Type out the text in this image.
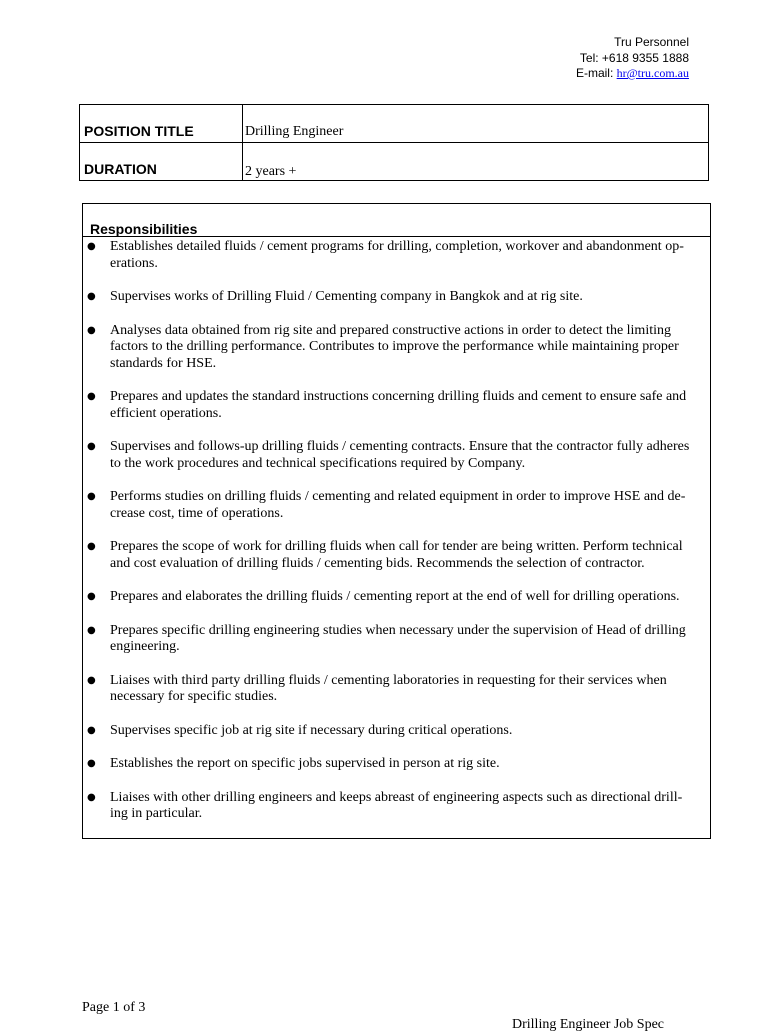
Tru Personnel
Tel: +618 9355 1888
E-mail: hr@tru.com.au
POSITION TITLE	Drilling Engineer
DURATION	2 years +
Responsibilities
● Establishes detailed fluids / cement programs for drilling, completion, workover and abandonment op-erations.
● Supervises works of Drilling Fluid / Cementing company in Bangkok and at rig site.
● Analyses data obtained from rig site and prepared constructive actions in order to detect the limiting factors to the drilling performance. Contributes to improve the performance while maintaining proper standards for HSE.
● Prepares and updates the standard instructions concerning drilling fluids and cement to ensure safe and efficient operations.
● Supervises and follows-up drilling fluids / cementing contracts. Ensure that the contractor fully adheres to the work procedures and technical specifications required by Company.
● Performs studies on drilling fluids / cementing and related equipment in order to improve HSE and de-crease cost, time of operations.
● Prepares the scope of work for drilling fluids when call for tender are being written. Perform technical and cost evaluation of drilling fluids / cementing bids. Recommends the selection of contractor.
● Prepares and elaborates the drilling fluids / cementing report at the end of well for drilling operations.
● Prepares specific drilling engineering studies when necessary under the supervision of Head of drilling engineering.
● Liaises with third party drilling fluids / cementing laboratories in requesting for their services when necessary for specific studies.
● Supervises specific job at rig site if necessary during critical operations.
● Establishes the report on specific jobs supervised in person at rig site.
● Liaises with other drilling engineers and keeps abreast of engineering aspects such as directional drill-ing in particular.
Page 1 of 3
Drilling Engineer Job Spec
